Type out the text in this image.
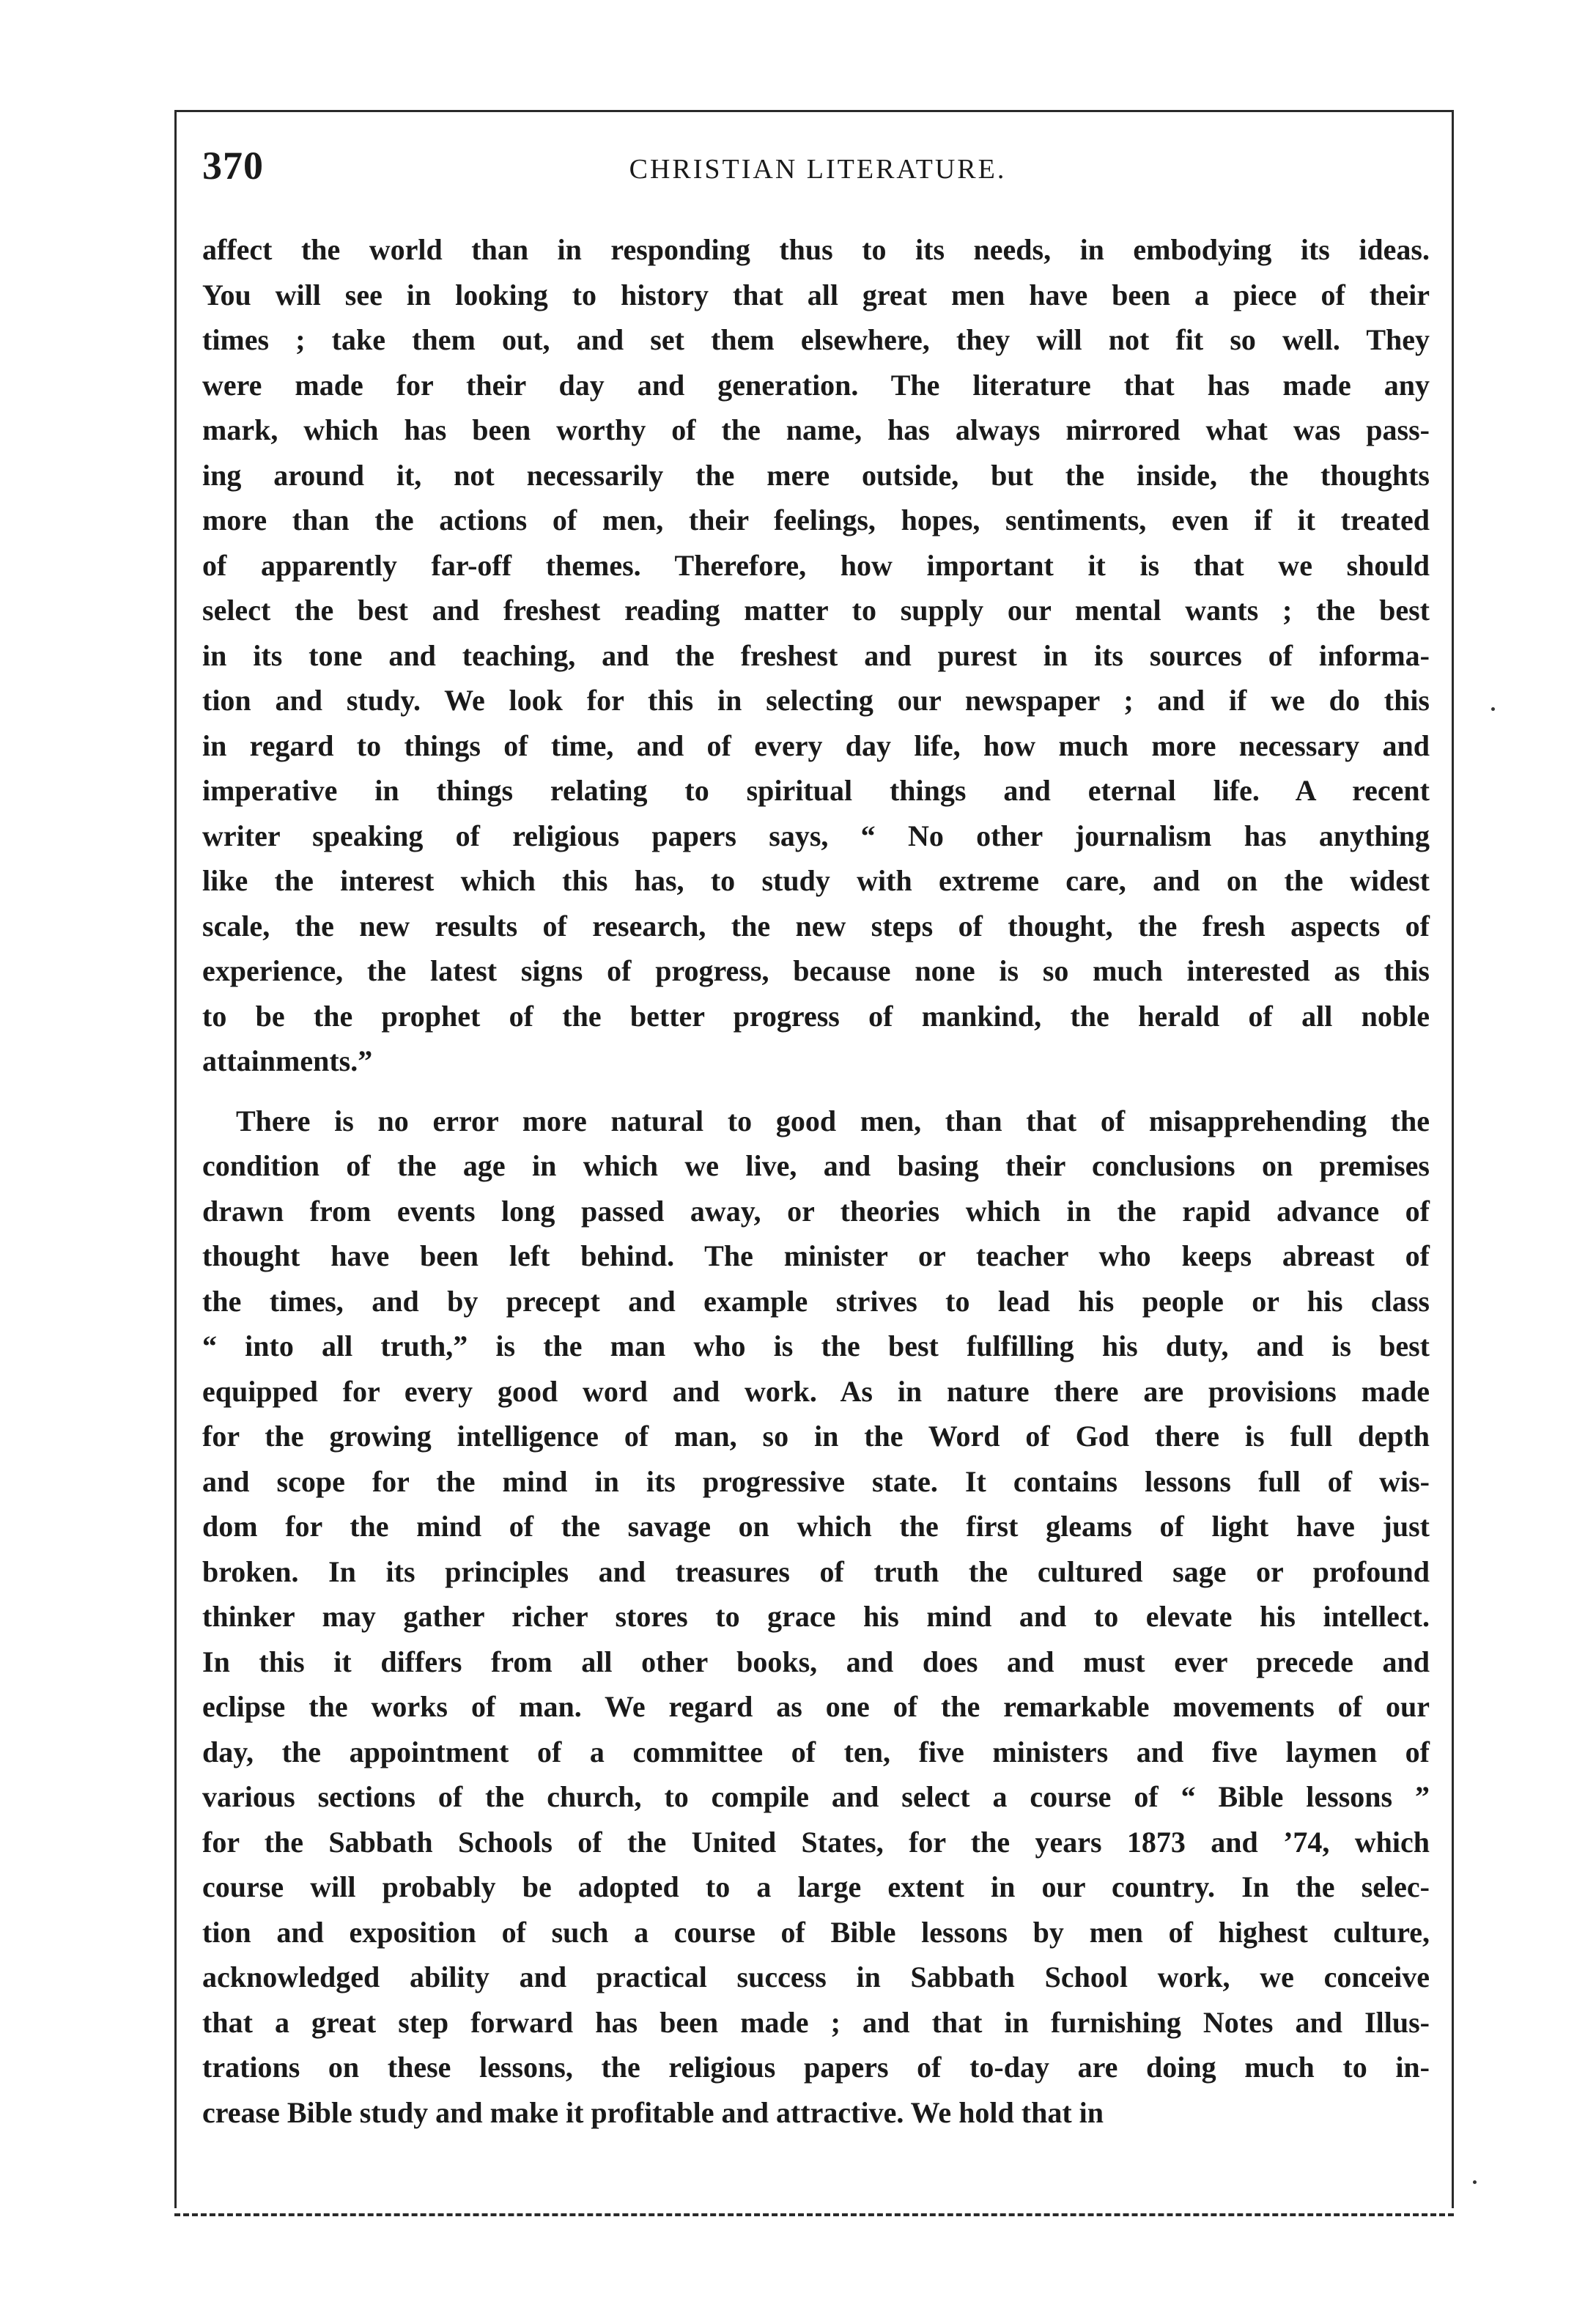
370	CHRISTIAN LITERATURE.
affect the world than in responding thus to its needs, in embodying its ideas.
You will see in looking to history that all great men have been a piece of their
times ; take them out, and set them elsewhere, they will not fit so well. They
were made for their day and generation. The literature that has made any
mark, which has been worthy of the name, has always mirrored what was pass-
ing around it, not necessarily the mere outside, but the inside, the thoughts
more than the actions of men, their feelings, hopes, sentiments, even if it treated
of apparently far-off themes. Therefore, how important it is that we should
select the best and freshest reading matter to supply our mental wants ; the best
in its tone and teaching, and the freshest and purest in its sources of informa-
tion and study. We look for this in selecting our newspaper ; and if we do this
in regard to things of time, and of every day life, how much more necessary and
imperative in things relating to spiritual things and eternal life. A recent
writer speaking of religious papers says, “ No other journalism has anything
like the interest which this has, to study with extreme care, and on the widest
scale, the new results of research, the new steps of thought, the fresh aspects of
experience, the latest signs of progress, because none is so much interested as this
to be the prophet of the better progress of mankind, the herald of all noble
attainments.”
There is no error more natural to good men, than that of misapprehending the
condition of the age in which we live, and basing their conclusions on premises
drawn from events long passed away, or theories which in the rapid advance of
thought have been left behind. The minister or teacher who keeps abreast of
the times, and by precept and example strives to lead his people or his class
“ into all truth,” is the man who is the best fulfilling his duty, and is best
equipped for every good word and work. As in nature there are provisions made
for the growing intelligence of man, so in the Word of God there is full depth
and scope for the mind in its progressive state. It contains lessons full of wis-
dom for the mind of the savage on which the first gleams of light have just
broken. In its principles and treasures of truth the cultured sage or profound
thinker may gather richer stores to grace his mind and to elevate his intellect.
In this it differs from all other books, and does and must ever precede and
eclipse the works of man. We regard as one of the remarkable movements of our
day, the appointment of a committee of ten, five ministers and five laymen of
various sections of the church, to compile and select a course of “ Bible lessons ”
for the Sabbath Schools of the United States, for the years 1873 and ’74, which
course will probably be adopted to a large extent in our country. In the selec-
tion and exposition of such a course of Bible lessons by men of highest culture,
acknowledged ability and practical success in Sabbath School work, we conceive
that a great step forward has been made ; and that in furnishing Notes and Illus-
trations on these lessons, the religious papers of to-day are doing much to in-
crease Bible study and make it profitable and attractive. We hold that in
